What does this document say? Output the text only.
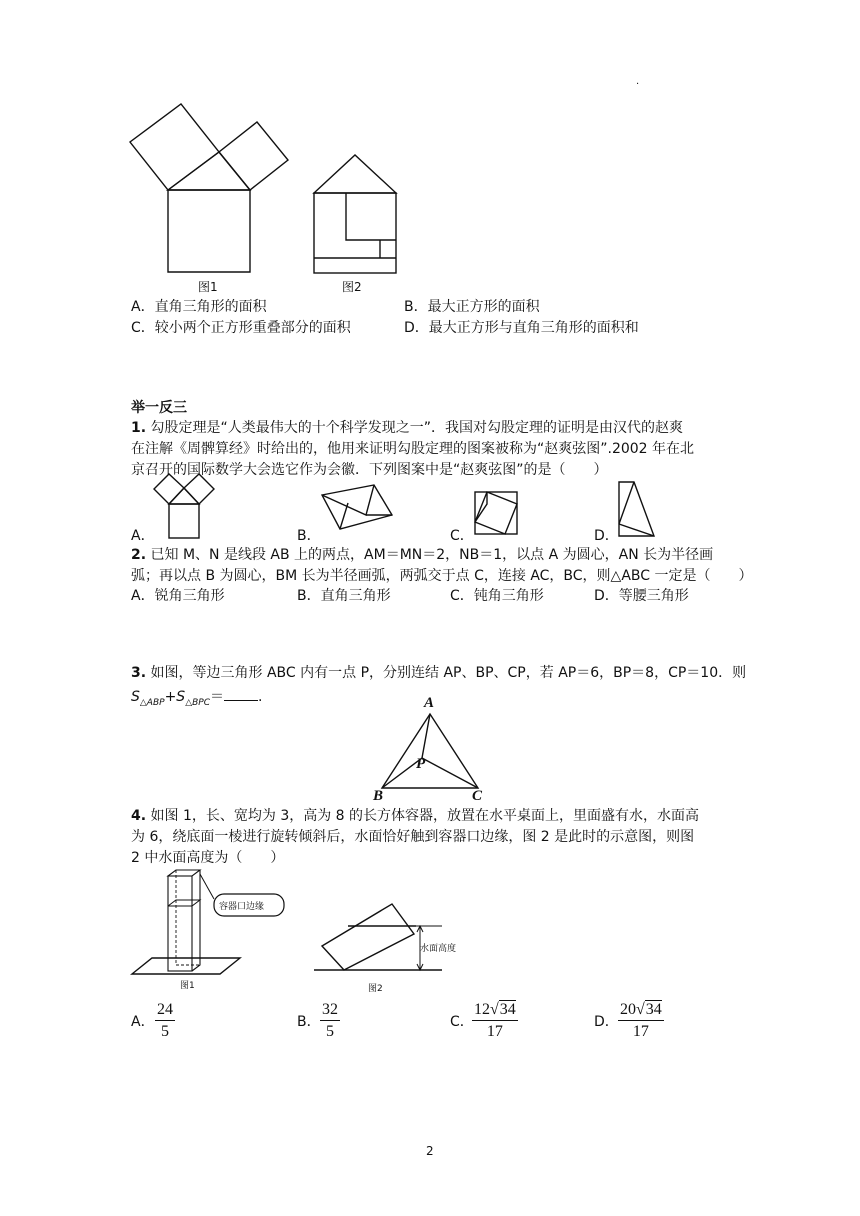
.
图1	图2
A．直角三角形的面积	B．最大正方形的面积
C．较小两个正方形重叠部分的面积	D．最大正方形与直角三角形的面积和
举一反三
1. 勾股定理是“人类最伟大的十个科学发现之一”．我国对勾股定理的证明是由汉代的赵爽
在注解《周髀算经》时给出的，他用来证明勾股定理的图案被称为“赵爽弦图”.2002 年在北
京召开的国际数学大会选它作为会徽．下列图案中是“赵爽弦图”的是（　　）
A．	B．	C．	D．
2. 已知 M、N 是线段 AB 上的两点，AM＝MN＝2，NB＝1，以点 A 为圆心，AN 长为半径画
弧；再以点 B 为圆心，BM 长为半径画弧，两弧交于点 C，连接 AC，BC，则△ABC 一定是（　　）
A．锐角三角形	B．直角三角形	C．钝角三角形	D．等腰三角形
3. 如图，等边三角形 ABC 内有一点 P，分别连结 AP、BP、CP，若 AP＝6，BP＝8，CP＝10．则
$S_{\triangle ABP}+S_{\triangle BPC}=$ .	A
B	C
P
4. 如图 1，长、宽均为 3，高为 8 的长方体容器，放置在水平桌面上，里面盛有水，水面高
为 6，绕底面一棱进行旋转倾斜后，水面恰好触到容器口边缘，图 2 是此时的示意图，则图
2 中水面高度为（　　）
容器口边缘
图1
水面高度
图2
A． $\frac{24}{5}$	B． $\frac{32}{5}$	C．
$\frac{12√34}{17}$	D． $\frac{20√34}{17}$
2
